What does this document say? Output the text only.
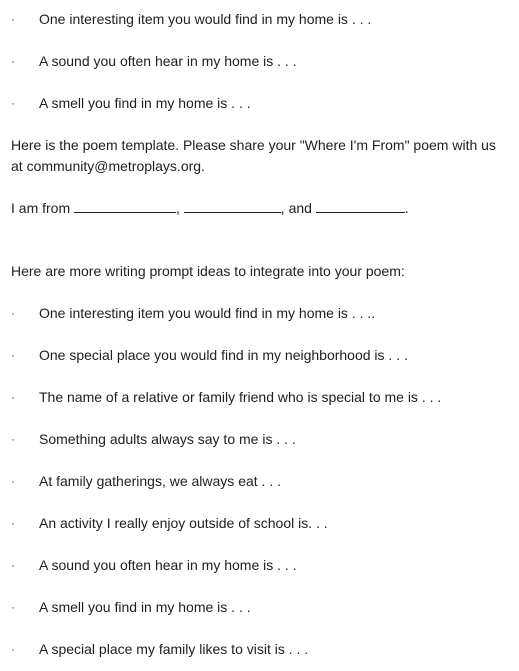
· One interesting item you would find in my home is . . .
· A sound you often hear in my home is . . .
· A smell you find in my home is . . .
Here is the poem template. Please share your "Where I'm From" poem with us at community@metroplays.org.
I am from	,	, and	.
Here are more writing prompt ideas to integrate into your poem:
· One interesting item you would find in my home is . . ..
· One special place you would find in my neighborhood is . . .
· The name of a relative or family friend who is special to me is . . .
· Something adults always say to me is . . .
· At family gatherings, we always eat . . .
· An activity I really enjoy outside of school is. . .
· A sound you often hear in my home is . . .
· A smell you find in my home is . . .
· A special place my family likes to visit is . . .
